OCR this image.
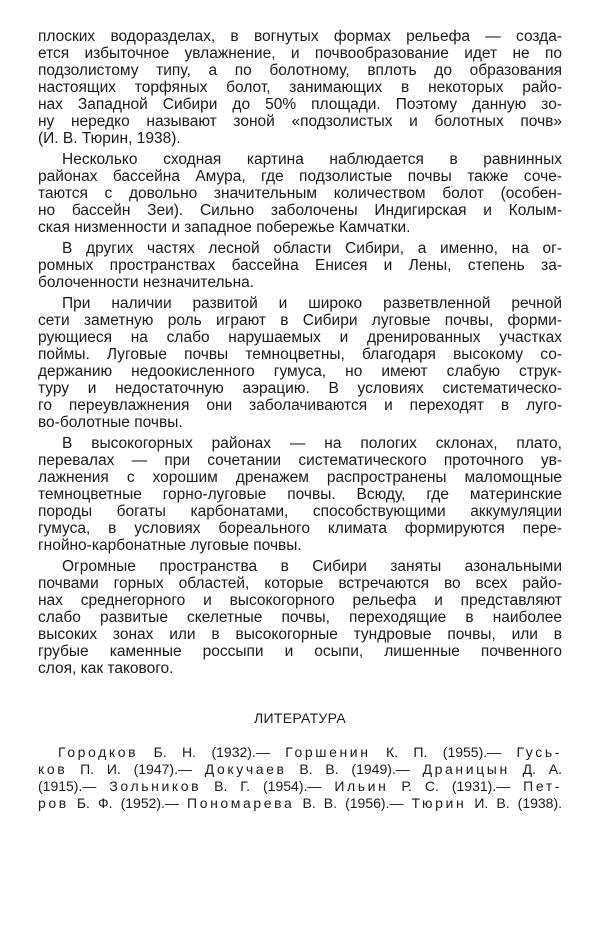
плоских водоразделах, в вогнутых формах рельефа — созда-
ется избыточное увлажнение, и почвообразование идет не по
подзолистому типу, а по болотному, вплоть до образования
настоящих торфяных болот, занимающих в некоторых райо-
нах Западной Сибири до 50% площади. Поэтому данную зо-
ну нередко называют зоной «подзолистых и болотных почв»
(И. В. Тюрин, 1938).
Несколько сходная картина наблюдается в равнинных
районах бассейна Амура, где подзолистые почвы также соче-
таются с довольно значительным количеством болот (особен-
но бассейн Зеи). Сильно заболочены Индигирская и Колым-
ская низменности и западное побережье Камчатки.
В других частях лесной области Сибири, а именно, на ог-
ромных пространствах бассейна Енисея и Лены, степень за-
болоченности незначительна.
При наличии развитой и широко разветвленной речной
сети заметную роль играют в Сибири луговые почвы, форми-
рующиеся на слабо нарушаемых и дренированных участках
поймы. Луговые почвы темноцветны, благодаря высокому со-
держанию недоокисленного гумуса, но имеют слабую струк-
туру и недостаточную аэрацию. В условиях систематическо-
го переувлажнения они заболачиваются и переходят в луго-
во-болотные почвы.
В высокогорных районах — на пологих склонах, плато,
перевалах — при сочетании систематического проточного ув-
лажнения с хорошим дренажем распространены маломощные
темноцветные горно-луговые почвы. Всюду, где материнские
породы богаты карбонатами, способствующими аккумуляции
гумуса, в условиях бореального климата формируются пере-
гнойно-карбонатные луговые почвы.
Огромные пространства в Сибири заняты азональными
почвами горных областей, которые встречаются во всех райо-
нах среднегорного и высокогорного рельефа и представляют
слабо развитые скелетные почвы, переходящие в наиболее
высоких зонах или в высокогорные тундровые почвы, или в
грубые каменные россыпи и осыпи, лишенные почвенного
слоя, как такового.
ЛИТЕРАТУРА
Городков Б. Н. (1932).— Горшенин К. П. (1955).— Гусь-
ков П. И. (1947).— Докучаев В. В. (1949).— Драницын Д. А.
(1915).— Зольников В. Г. (1954).— Ильин Р. С. (1931).— Пет-
ров Б. Ф. (1952).— Пономарева В. В. (1956).— Тюрин И. В. (1938).
